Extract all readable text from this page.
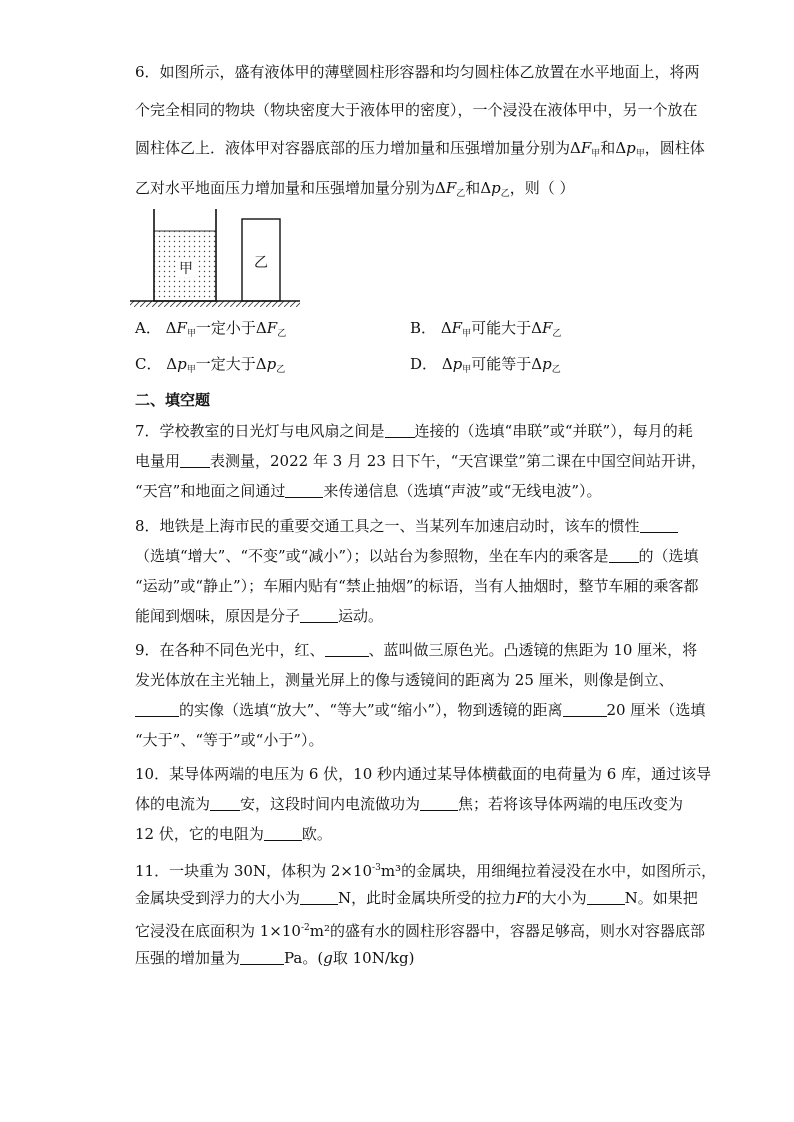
6．如图所示，盛有液体甲的薄壁圆柱形容器和均匀圆柱体乙放置在水平地面上，将两
个完全相同的物块（物块密度大于液体甲的密度），一个浸没在液体甲中，另一个放在
圆柱体乙上．液体甲对容器底部的压力增加量和压强增加量分别为$\Delta F_甲$和$\Delta p_甲$，圆柱体
乙对水平地面压力增加量和压强增加量分别为$\Delta F_乙$和$\Delta p_乙$，则（ ）
甲	乙
A． $\Delta F_甲$一定小于$\Delta F_乙$	B． $\Delta F_甲$可能大于$\Delta F_乙$
C． $\Delta p_甲$一定大于$\Delta p_乙$	D． $\Delta p_甲$可能等于$\Delta p_乙$
二、填空题
7．学校教室的日光灯与电风扇之间是 连接的（选填“串联”或“并联”），每月的耗
电量用 表测量，2022 年 3 月 23 日下午，“天宫课堂”第二课在中国空间站开讲，
“天宫”和地面之间通过	来传递信息（选填“声波”或“无线电波”）。
8．地铁是上海市民的重要交通工具之一、当某列车加速启动时，该车的惯性
（选填“增大”、“不变”或“减小”）；以站台为参照物，坐在车内的乘客是 的（选填
“运动”或“静止”）；车厢内贴有“禁止抽烟”的标语，当有人抽烟时，整节车厢的乘客都
能闻到烟味，原因是分子	运动。
9．在各种不同色光中，红、	、蓝叫做三原色光。凸透镜的焦距为 10 厘米，将
发光体放在主光轴上，测量光屏上的像与透镜间的距离为 25 厘米，则像是倒立、
的实像（选填“放大”、“等大”或“缩小”），物到透镜的距离	20 厘米（选填
“大于”、“等于”或“小于”）。
10．某导体两端的电压为 6 伏，10 秒内通过某导体横截面的电荷量为 6 库，通过该导
体的电流为 安，这段时间内电流做功为	焦；若将该导体两端的电压改变为
12 伏，它的电阻为	欧。
11．一块重为 30N，体积为 $2\times 10^{-3}m^3$的金属块，用细绳拉着浸没在水中，如图所示，
金属块受到浮力的大小为	N，此时金属块所受的拉力F的大小为	N。如果把
它浸没在底面积为 $1\times 10^{-2}m^2$的盛有水的圆柱形容器中，容器足够高，则水对容器底部
压强的增加量为	Pa。(g取 10N/kg)
